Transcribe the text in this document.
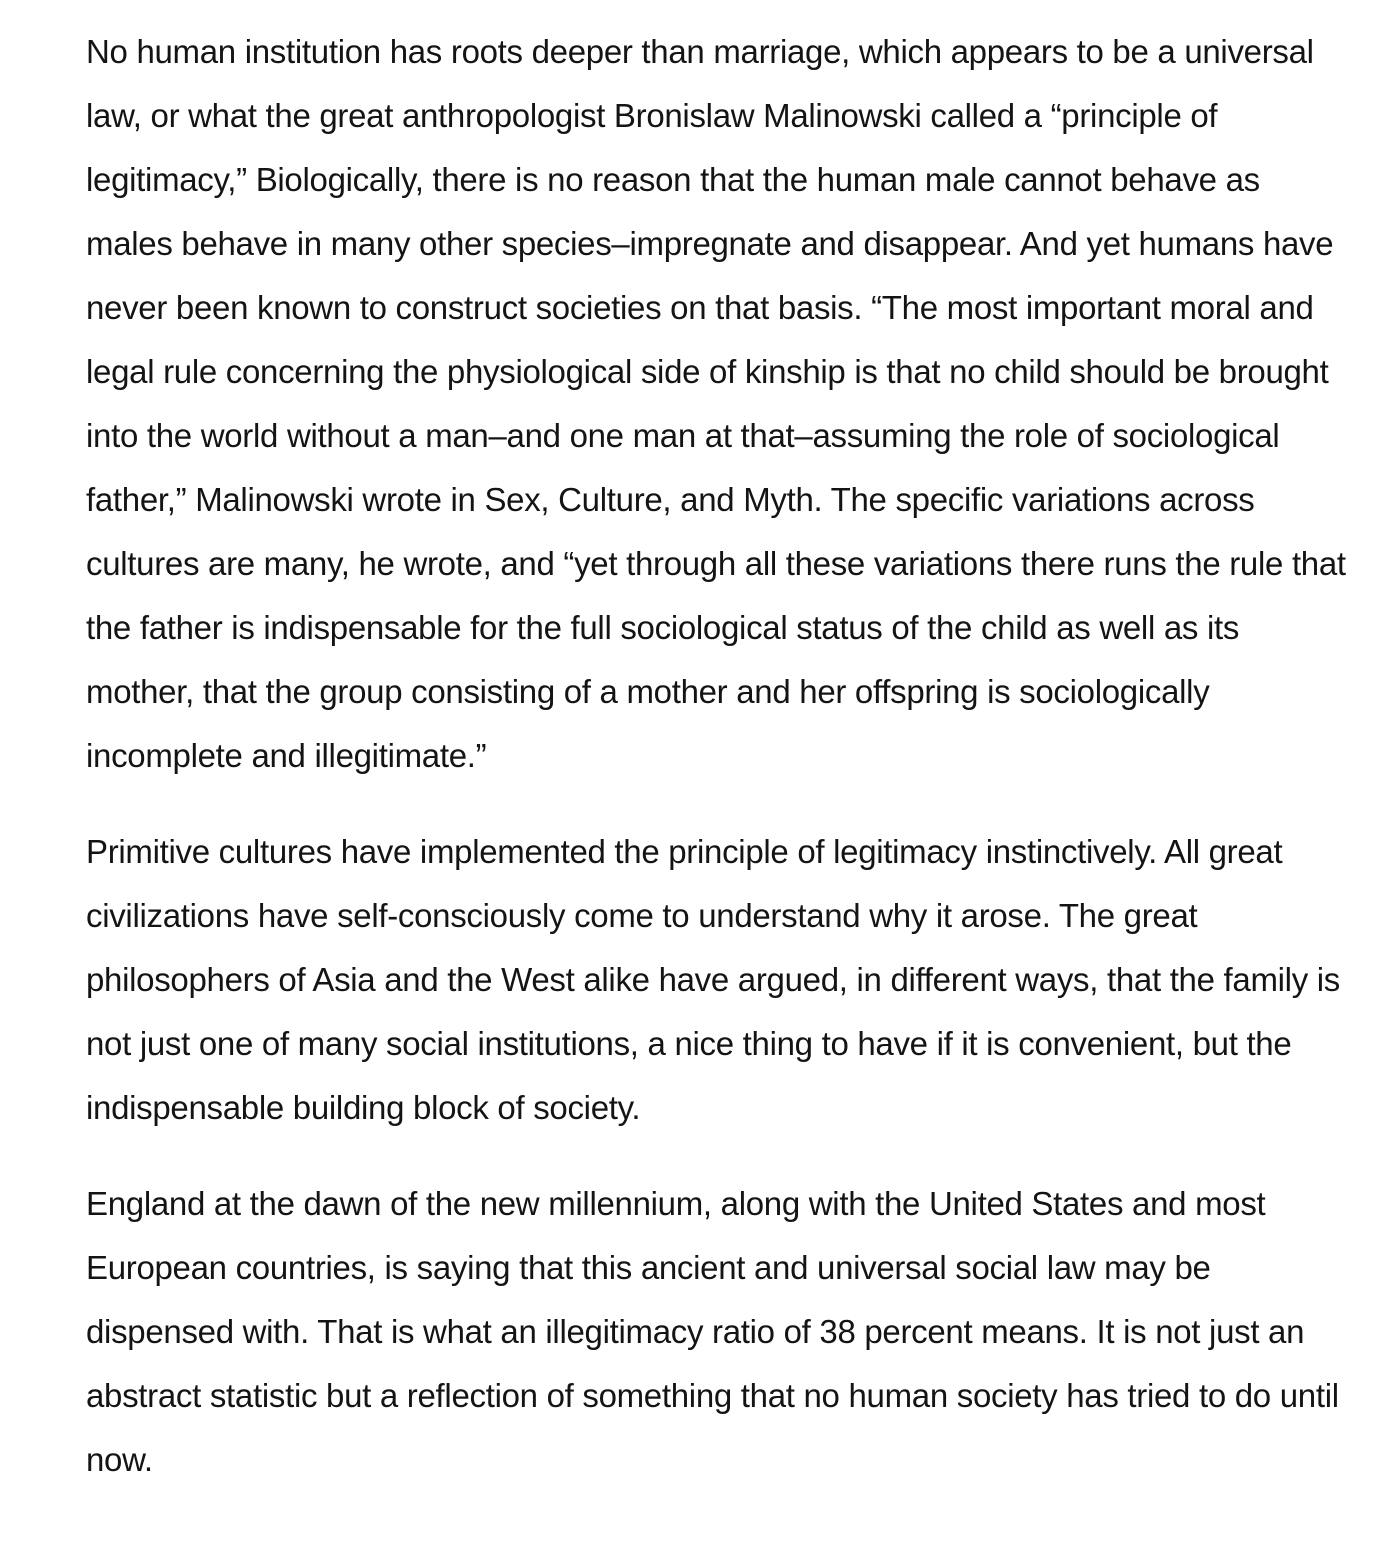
No human institution has roots deeper than marriage, which appears to be a universal law, or what the great anthropologist Bronislaw Malinowski called a “principle of legitimacy,” Biologically, there is no reason that the human male cannot behave as males behave in many other species–impregnate and disappear. And yet humans have never been known to construct societies on that basis. “The most important moral and legal rule concerning the physiological side of kinship is that no child should be brought into the world without a man–and one man at that–assuming the role of sociological father,” Malinowski wrote in Sex, Culture, and Myth. The specific variations across cultures are many, he wrote, and “yet through all these variations there runs the rule that the father is indispensable for the full sociological status of the child as well as its mother, that the group consisting of a mother and her offspring is sociologically incomplete and illegitimate.”

Primitive cultures have implemented the principle of legitimacy instinctively. All great civilizations have self-consciously come to understand why it arose. The great philosophers of Asia and the West alike have argued, in different ways, that the family is not just one of many social institutions, a nice thing to have if it is convenient, but the indispensable building block of society.

England at the dawn of the new millennium, along with the United States and most European countries, is saying that this ancient and universal social law may be dispensed with. That is what an illegitimacy ratio of 38 percent means. It is not just an abstract statistic but a reflection of something that no human society has tried to do until now.
